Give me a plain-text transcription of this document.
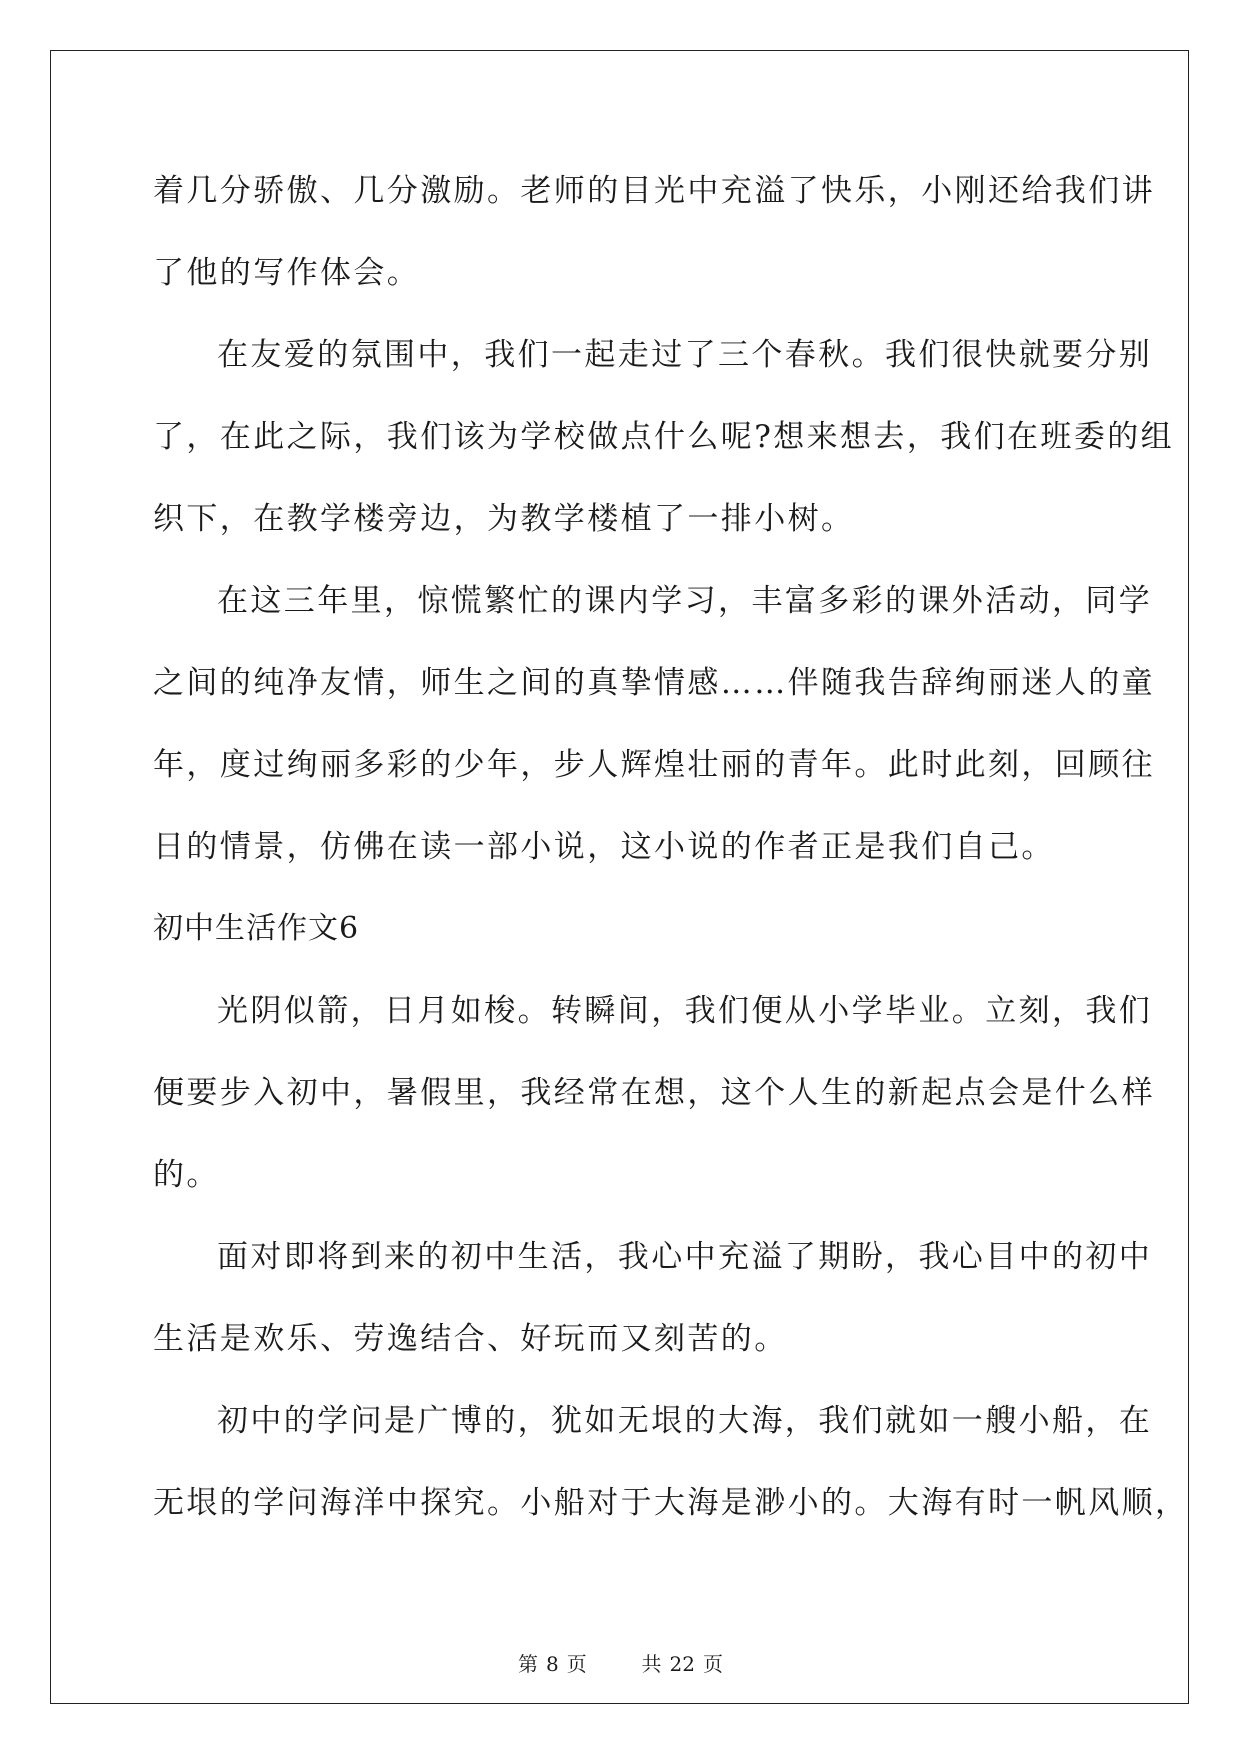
着几分骄傲、几分激励。老师的目光中充溢了快乐，小刚还给我们讲

了他的写作体会。

在友爱的氛围中，我们一起走过了三个春秋。我们很快就要分别

了，在此之际，我们该为学校做点什么呢?想来想去，我们在班委的组

织下，在教学楼旁边，为教学楼植了一排小树。

在这三年里，惊慌繁忙的课内学习，丰富多彩的课外活动，同学

之间的纯净友情，师生之间的真挚情感……伴随我告辞绚丽迷人的童

年，度过绚丽多彩的少年，步人辉煌壮丽的青年。此时此刻，回顾往

日的情景，仿佛在读一部小说，这小说的作者正是我们自己。

初中生活作文6

光阴似箭，日月如梭。转瞬间，我们便从小学毕业。立刻，我们

便要步入初中，暑假里，我经常在想，这个人生的新起点会是什么样

的。

面对即将到来的初中生活，我心中充溢了期盼，我心目中的初中

生活是欢乐、劳逸结合、好玩而又刻苦的。

初中的学问是广博的，犹如无垠的大海，我们就如一艘小船，在

无垠的学问海洋中探究。小船对于大海是渺小的。大海有时一帆风顺，

第 8 页	共 22 页
